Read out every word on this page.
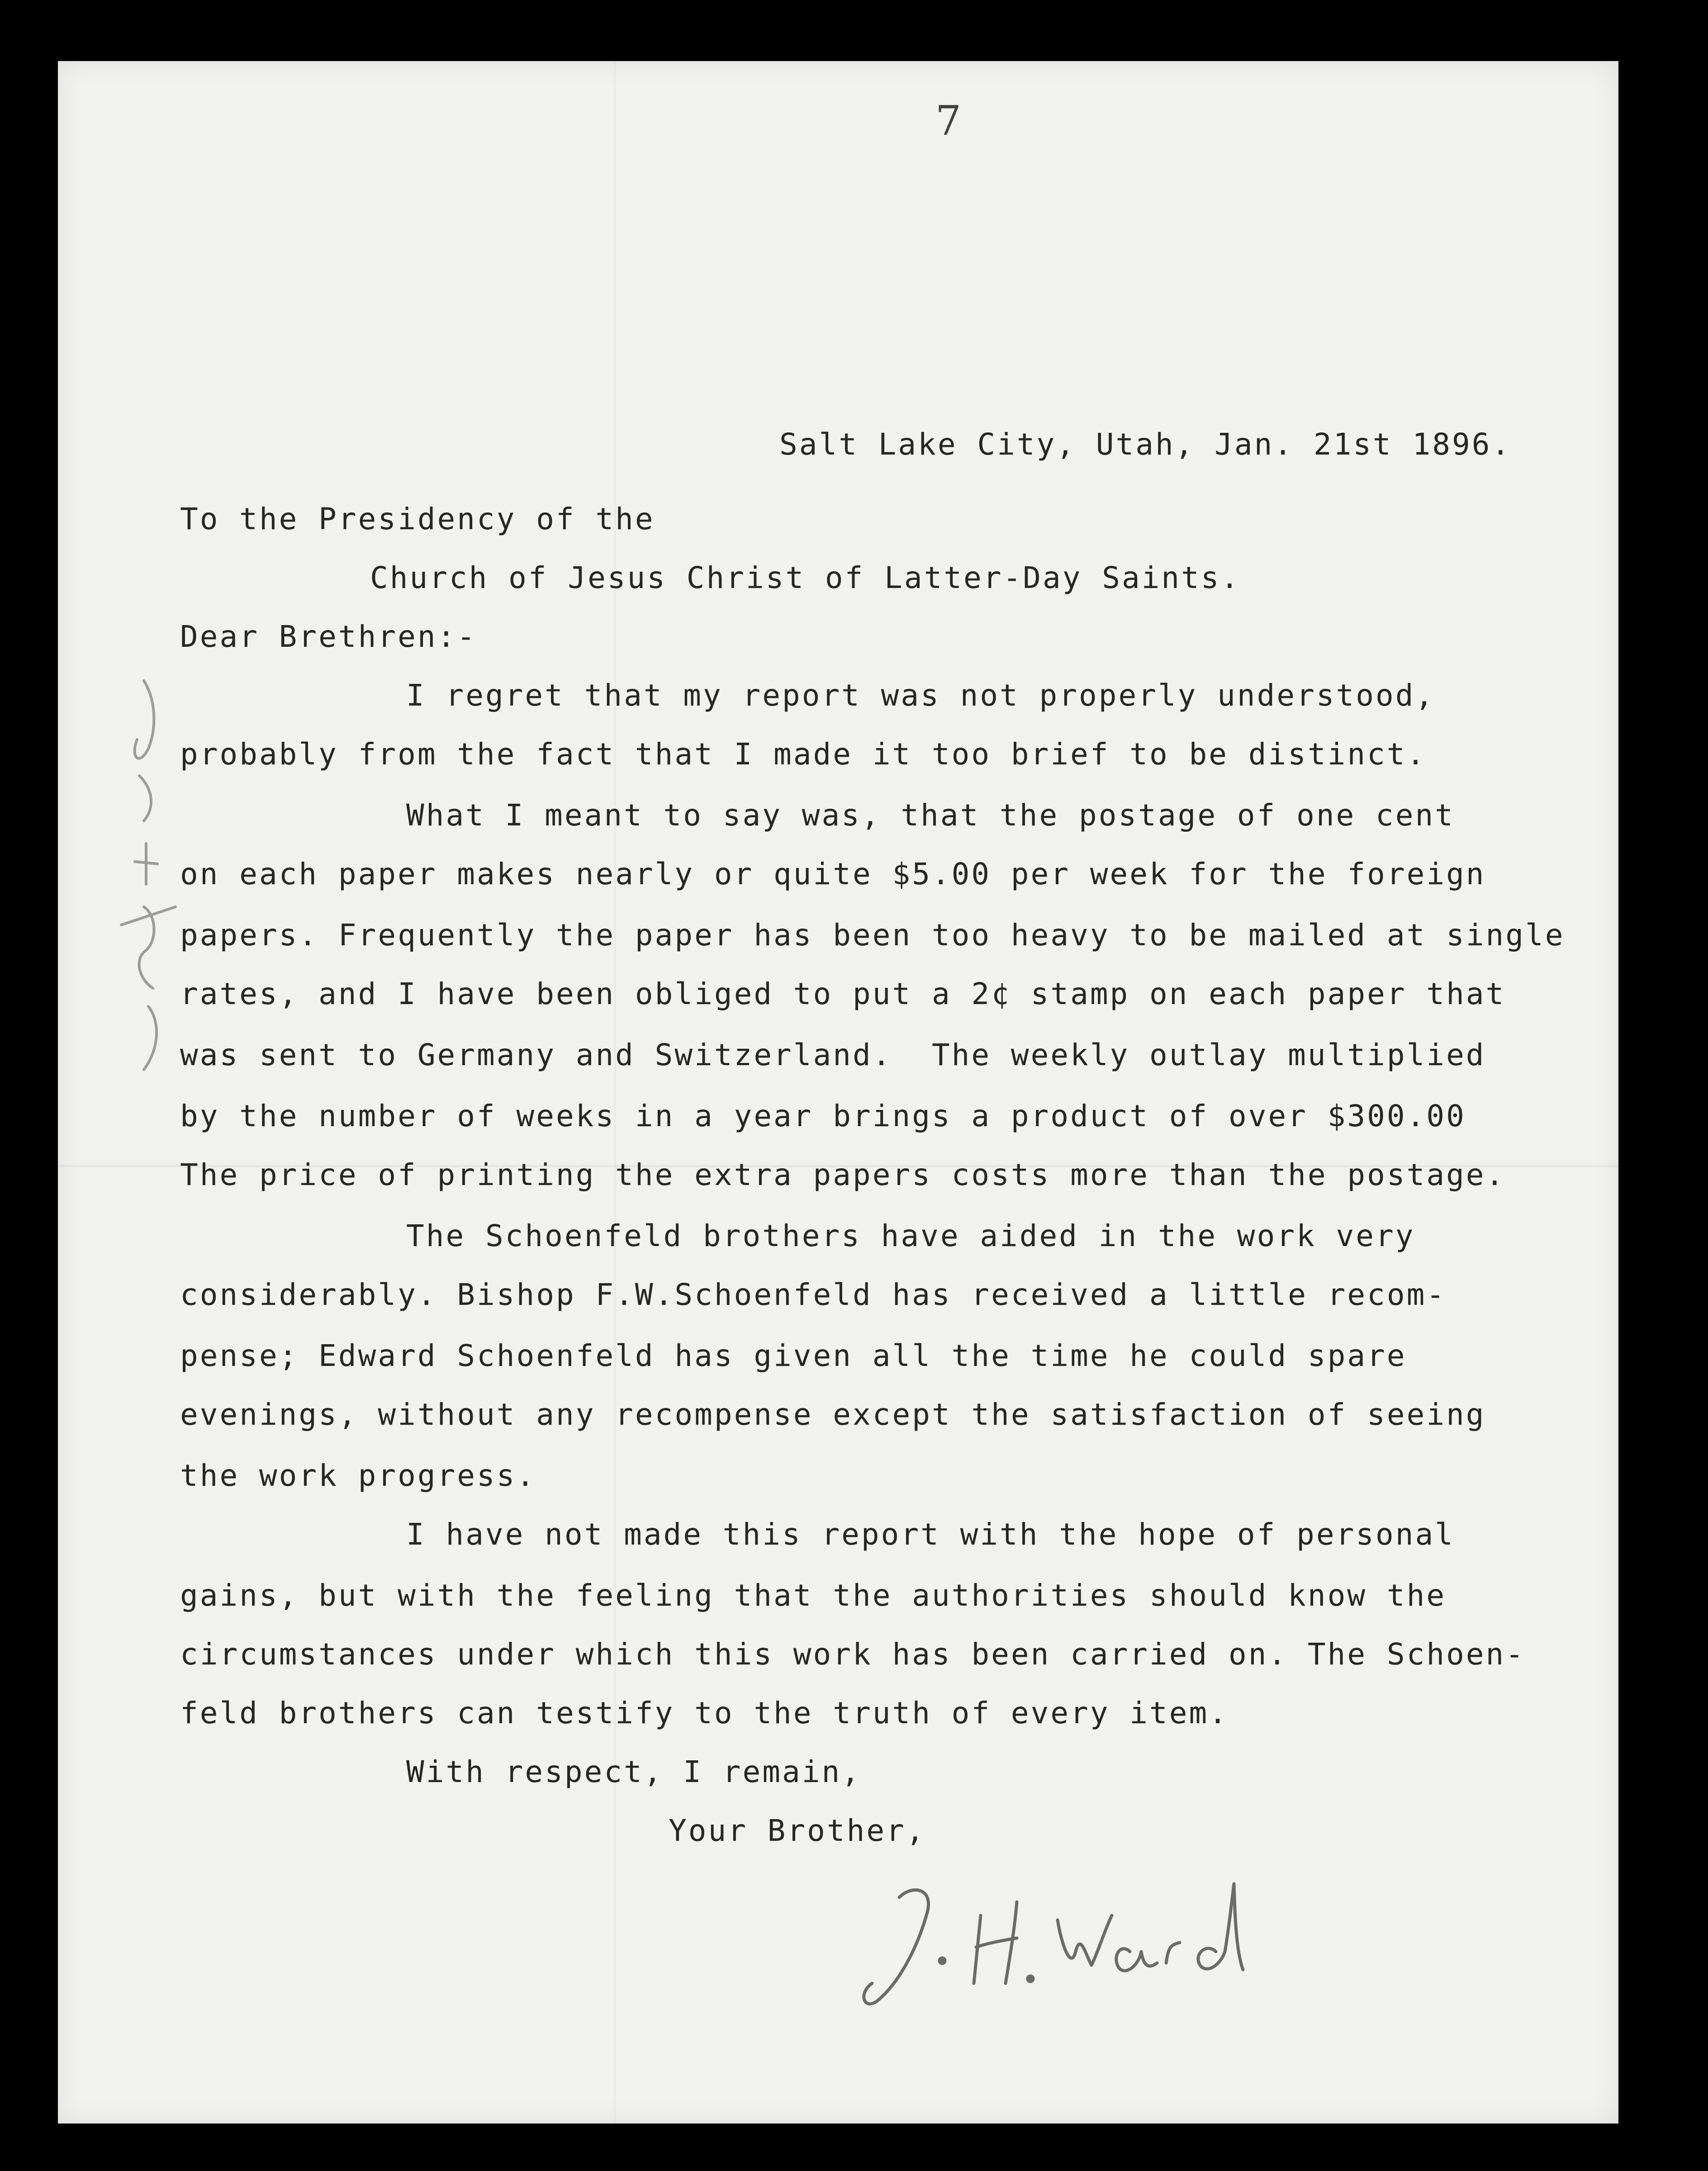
7
Salt Lake City, Utah, Jan. 21st 1896.
To the Presidency of the
Church of Jesus Christ of Latter-Day Saints.
Dear Brethren:-
I regret that my report was not properly understood,
probably from the fact that I made it too brief to be distinct.
What I meant to say was, that the postage of one cent
on each paper makes nearly or quite $5.00 per week for the foreign
papers. Frequently the paper has been too heavy to be mailed at single
rates, and I have been obliged to put a 2¢ stamp on each paper that
was sent to Germany and Switzerland.  The weekly outlay multiplied
by the number of weeks in a year brings a product of over $300.00
The price of printing the extra papers costs more than the postage.
The Schoenfeld brothers have aided in the work very
considerably. Bishop F.W.Schoenfeld has received a little recom-
pense; Edward Schoenfeld has given all the time he could spare
evenings, without any recompense except the satisfaction of seeing
the work progress.
I have not made this report with the hope of personal
gains, but with the feeling that the authorities should know the
circumstances under which this work has been carried on. The Schoen-
feld brothers can testify to the truth of every item.
With respect, I remain,
Your Brother,
